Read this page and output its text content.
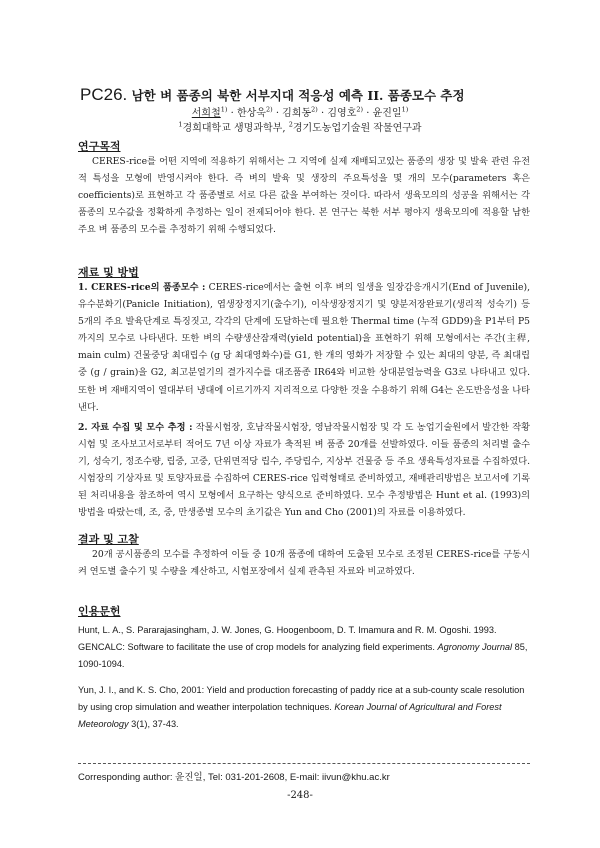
PC26. 남한 벼 품종의 북한 서부지대 적응성 예측 II. 품종모수 추정
서희철$^{1)}$ · 한상욱$^{2)}$ · 김희동$^{2)}$ · 김영호$^{2)}$ · 윤진일$^{1)}$
$^1$경희대학교 생명과학부, $^2$경기도농업기술원 작물연구과
연구목적

CERES-rice를 어떤 지역에 적용하기 위해서는 그 지역에 실제 재배되고있는 품종의 생장 및 발육 관련 유전적 특성을 모형에 반영시켜야 한다. 즉 벼의 발육 및 생장의 주요특성을 몇 개의 모수(parameters 혹은 coefficients)로 표현하고 각 품종별로 서로 다른 값을 부여하는 것이다. 따라서 생육모의의 성공을 위해서는 각 품종의 모수값을 정확하게 추정하는 일이 전제되어야 한다. 본 연구는 북한 서부 평야지 생육모의에 적용할 남한 주요 벼 품종의 모수를 추정하기 위해 수행되었다.

재료 및 방법

1. CERES-rice의 품종모수 : CERES-rice에서는 출현 이후 벼의 일생을 일장감응개시기(End of Juvenile), 유수분화기(Panicle Initiation), 엽생장정지기(출수기), 이삭생장정지기 및 양분저장완료기(생리적 성숙기) 등 5개의 주요 발육단계로 특징짓고, 각각의 단계에 도달하는데 필요한 Thermal time (누적 GDD9)을 P1부터 P5까지의 모수로 나타낸다. 또한 벼의 수량생산잠재력(yield potential)을 표현하기 위해 모형에서는 주간(主稈, main culm) 건물중당 최대립수 (g 당 최대영화수)를 G1, 한 개의 영화가 저장할 수 있는 최대의 양분, 즉 최대립중 (g / grain)을 G2, 최고분얼기의 결가지수를 대조품종 IR64와 비교한 상대분얼능력을 G3로 나타내고 있다. 또한 벼 재배지역이 열대부터 냉대에 이르기까지 지리적으로 다양한 것을 수용하기 위해 G4는 온도반응성을 나타낸다.

2. 자료 수집 및 모수 추정 : 작물시험장, 호남작물시험장, 영남작물시험장 및 각 도 농업기술원에서 발간한 작황시험 및 조사보고서로부터 적어도 7년 이상 자료가 축적된 벼 품종 20개를 선발하였다. 이들 품종의 처리별 출수기, 성숙기, 정조수량, 립중, 고중, 단위면적당 립수, 주당립수, 지상부 건물중 등 주요 생육특성자료를 수집하였다. 시험장의 기상자료 및 토양자료를 수집하여 CERES-rice 입력형태로 준비하였고, 재배관리방법은 보고서에 기록된 처리내용을 참조하여 역시 모형에서 요구하는 양식으로 준비하였다. 모수 추정방법은 Hunt et al. (1993)의 방법을 따랐는데, 조, 중, 만생종별 모수의 초기값은 Yun and Cho (2001)의 자료를 이용하였다.

결과 및 고찰

20개 공시품종의 모수를 추정하여 이들 중 10개 품종에 대하여 도출된 모수로 조정된 CERES-rice를 구동시켜 연도별 출수기 및 수량을 계산하고, 시험포장에서 실제 관측된 자료와 비교하였다.

인용문헌

Hunt, L. A., S. Pararajasingham, J. W. Jones, G. Hoogenboom, D. T. Imamura and R. M. Ogoshi. 1993. GENCALC: Software to facilitate the use of crop models for analyzing field experiments. Agronomy Journal 85, 1090-1094.

Yun, J. I., and K. S. Cho, 2001: Yield and production forecasting of paddy rice at a sub-county scale resolution by using crop simulation and weather interpolation techniques. Korean Journal of Agricultural and Forest Meteorology 3(1), 37-43.

Corresponding author: 윤진일, Tel: 031-201-2608, E-mail: iivun@khu.ac.kr
-248-
